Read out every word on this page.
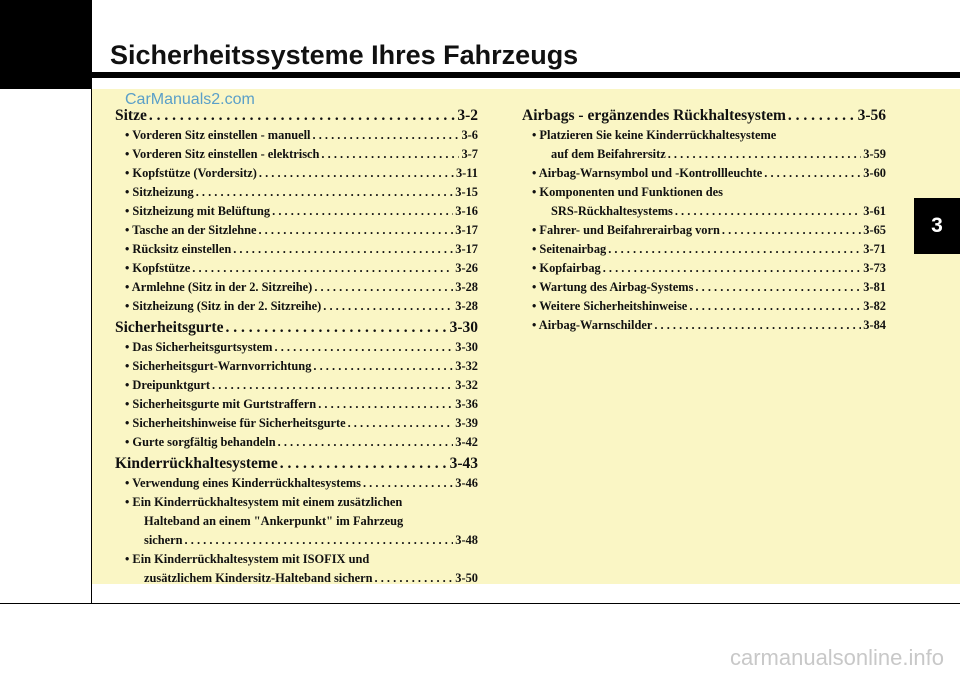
Sicherheitssysteme Ihres Fahrzeugs
3
CarManuals2.com
Sitze . . .	3-2
• Vorderen Sitz einstellen - manuell . . .	3-6
• Vorderen Sitz einstellen - elektrisch . . .	3-7
• Kopfstütze (Vordersitz) . . .	3-11
• Sitzheizung . . .	3-15
• Sitzheizung mit Belüftung . . .	3-16
• Tasche an der Sitzlehne . . .	3-17
• Rücksitz einstellen . . .	3-17
• Kopfstütze . . .	3-26
• Armlehne (Sitz in der 2. Sitzreihe) . . .	3-28
• Sitzheizung (Sitz in der 2. Sitzreihe) . . .	3-28
Sicherheitsgurte . . .	3-30
• Das Sicherheitsgurtsystem . . .	3-30
• Sicherheitsgurt-Warnvorrichtung . . .	3-32
• Dreipunktgurt . . .	3-32
• Sicherheitsgurte mit Gurtstraffern . . .	3-36
• Sicherheitshinweise für Sicherheitsgurte . . .	3-39
• Gurte sorgfältig behandeln . . .	3-42
Kinderrückhaltesysteme . . .	3-43
• Verwendung eines Kinderrückhaltesystems . . .	3-46
• Ein Kinderrückhaltesystem mit einem zusätzlichen
Halteband an einem "Ankerpunkt" im Fahrzeug
sichern . . .	3-48
• Ein Kinderrückhaltesystem mit ISOFIX und
zusätzlichem Kindersitz-Halteband sichern . . .	3-50
Airbags - ergänzendes Rückhaltesystem . . .	3-56
• Platzieren Sie keine Kinderrückhaltesysteme
auf dem Beifahrersitz . . .	3-59
• Airbag-Warnsymbol und -Kontrollleuchte . . .	3-60
• Komponenten und Funktionen des
SRS-Rückhaltesystems . . .	3-61
• Fahrer- und Beifahrerairbag vorn . . .	3-65
• Seitenairbag . . .	3-71
• Kopfairbag . . .	3-73
• Wartung des Airbag-Systems . . .	3-81
• Weitere Sicherheitshinweise . . .	3-82
• Airbag-Warnschilder . . .	3-84
carmanualsonline.info
